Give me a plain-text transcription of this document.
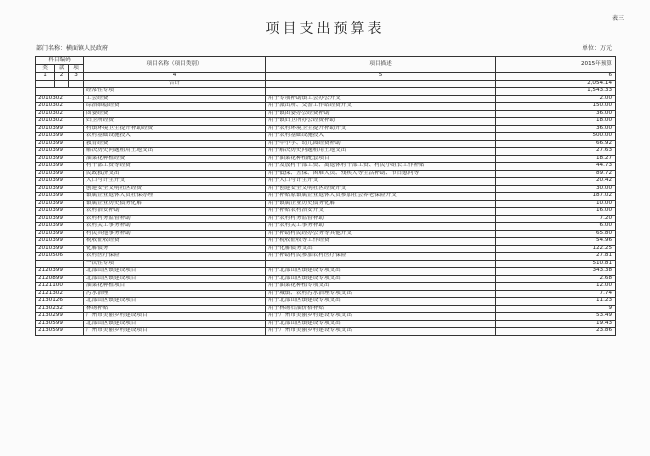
表三
项目支出预算表
部门名称：横面镇人民政府	单位：万元
科目编码			项目名称（项目类别）	项目描述	2015年预算
类	款	项			
1	2	3	4	5	6
			合计		2,054.14
			经常性专项		1,543.33
2010302			工会经费	用于专项补助镇工会办公开支	2.00
2010302			综治维稳经费	用于派出所、交警工作站经费开支	150.00
2010302			团委经费	用于镇团委办公经费补助	36.00
2010302			妇卫所经费	用于镇妇卫所办公经费补助	18.00
2010399			村镇环境卫生提升补助经费	用于农村环境卫生提升补助开支	36.00
2010399			农村基础设施投入	用于农村基础设施投入	500.00
2010399			教育经费	用于中小学、幼儿园经费补助	66.92
2010399			解决历史问题租用土地支出	用于解决历史问题租用土地支出	27.63
2010399			油菜花种植经费	用于油菜花种植配套项目	18.27
2010399			村干部工资等经费	用于发放村干部工资、离退休村干部工资、村民小组长工作补贴	44.73
2010399			民政救济支出	用于低保、五保、困难人员、残疾人等生活补助、节日慰问等	89.72
2010399			人口与计生开支	用于人口与计生开支	20.42
2010399			创建安全文明社区经费	用于创建安全文明社区经费开支	30.00
2010399			镇属企业退休人员社保办理	用于补贴原镇属企业退休人员参加社会养老保险开支	187.02
2010399			镇属企业历史债务化解	用于镇属企业历史债务化解	10.00
2010399			农村治安补助	用于补贴农村治安开支	16.00
2010399			农村村务监督补助	用于农村村务监督补助	7.20
2010399			农村关工事务补助	用于农村关工事务补助	6.00
2010399			村民其他事务补助	用于补助村民经办公务等其他开支	65.80
2010399			税收征收经费	用于税收征收等工作经费	54.96
2010399			化解债务	用于化解债务支出	122.25
2010506			农村医疗保险	用于补助村民参加农村医疗保险	27.81
			一次性专项		510.81
2120399			北部山区镇建设项目	用于北部山区镇建设专项支出	343.38
2120899			北部山区镇建设项目	用于北部山区镇建设专项支出	2.68
2121100			油菜花种植项目	用于油菜花种植专项支出	12.00
2121302			污水治理	用于城镇、农村污水治理专项支出	7.74
2130126			北部山区镇建设项目	用于北部山区镇建设专项支出	11.23
2130232			林场补贴	用于林场石油价格补贴	9
2130299			广州市美丽乡村建设项目	用于广州市美丽乡村建设专项支出	53.49
2130599			北部山区镇建设项目	用于北部山区镇建设专项支出	19.43
2130599			广州市美丽乡村建设项目	用于广州市美丽乡村建设专项支出	23.86
